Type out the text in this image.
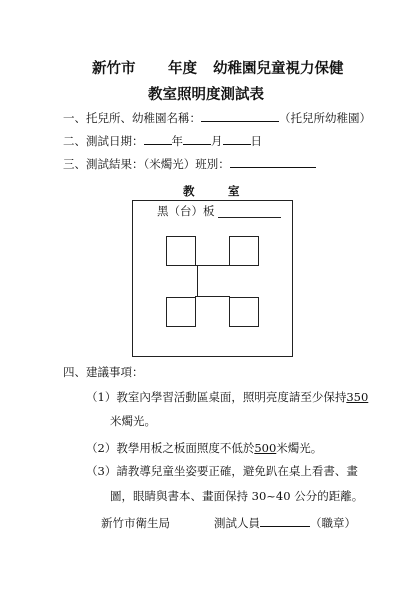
新竹市 年度 幼稚園兒童視力保健
教室照明度測試表
一、托兒所、幼稚園名稱：	（托兒所幼稚園）
二、測試日期： 年 月 日
三、測試結果：（米燭光）班別：
教	室
黑（台）板
四、建議事項：
（1）教室內學習活動區桌面，照明亮度請至少保持350
米燭光。
（2）教學用板之板面照度不低於500米燭光。
（3）請教導兒童坐姿要正確，避免趴在桌上看書、畫
圖，眼睛與書本、畫面保持 30~40 公分的距離。
新竹市衛生局	測試人員	（職章）
